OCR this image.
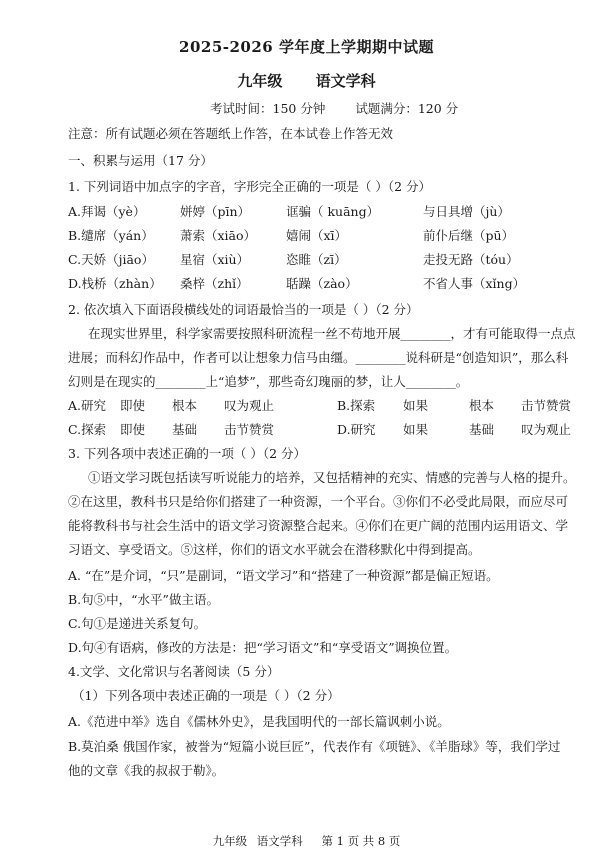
2025-2026 学年度上学期期中试题
九年级 语文学科
考试时间：150 分钟 试题满分：120 分
注意：所有试题必须在答题纸上作答，在本试卷上作答无效
一、积累与运用（17 分）
1. 下列词语中加点字的字音，字形完全正确的一项是（ ）（2 分）
A.拜谒（yè）	姘婷（pīn）	诓骗（ kuāng）	与日具增（jù）
B.缱席（yán）	萧索（xiāo）	嬉闹（xī）	前仆后继（pū）
C.天娇（jiāo）	星宿（xiù）	恣睢（zī）	走投无路（tóu）
D.栈桥（zhàn）	桑梓（zhǐ）	聒躁（zào）	不省人事（xǐng）
2. 依次填入下面语段横线处的词语最恰当的一项是（ ）（2 分）
在现实世界里，科学家需要按照科研流程一丝不苟地开展________，才有可能取得一点点
进展；而科幻作品中，作者可以让想象力信马由缰。________说科研是“创造知识”，那么科
幻则是在现实的________上“追梦”，那些奇幻瑰丽的梦，让人________。
A.研究	即使	根本	叹为观止	B.探索	如果	根本	击节赞赏
C.探索	即使	基础	击节赞赏	D.研究	如果	基础	叹为观止
3. 下列各项中表述正确的一项（ ）（2 分）
①语文学习既包括读写听说能力的培养，又包括精神的充实、情感的完善与人格的提升。
②在这里，教科书只是给你们搭建了一种资源，一个平台。③你们不必受此局限，而应尽可
能将教科书与社会生活中的语文学习资源整合起来。④你们在更广阔的范围内运用语文、学
习语文、享受语文。⑤这样，你们的语文水平就会在潜移默化中得到提高。
A. “在”是介词，“只”是副词，“语文学习”和“搭建了一种资源”都是偏正短语。
B.句⑤中，“水平”做主语。
C.句①是递进关系复句。
D.句④有语病，修改的方法是：把“学习语文”和“享受语文”调换位置。
4.文学、文化常识与名著阅读（5 分）
（1）下列各项中表述正确的一项是（ ）（2 分）
A.《范进中举》选自《儒林外史》，是我国明代的一部长篇讽刺小说。
B.莫泊桑 俄国作家，被誉为“短篇小说巨匠”，代表作有《项链》、《羊脂球》等，我们学过
他的文章《我的叔叔于勒》。
九年级 语文学科 第 1 页 共 8 页
